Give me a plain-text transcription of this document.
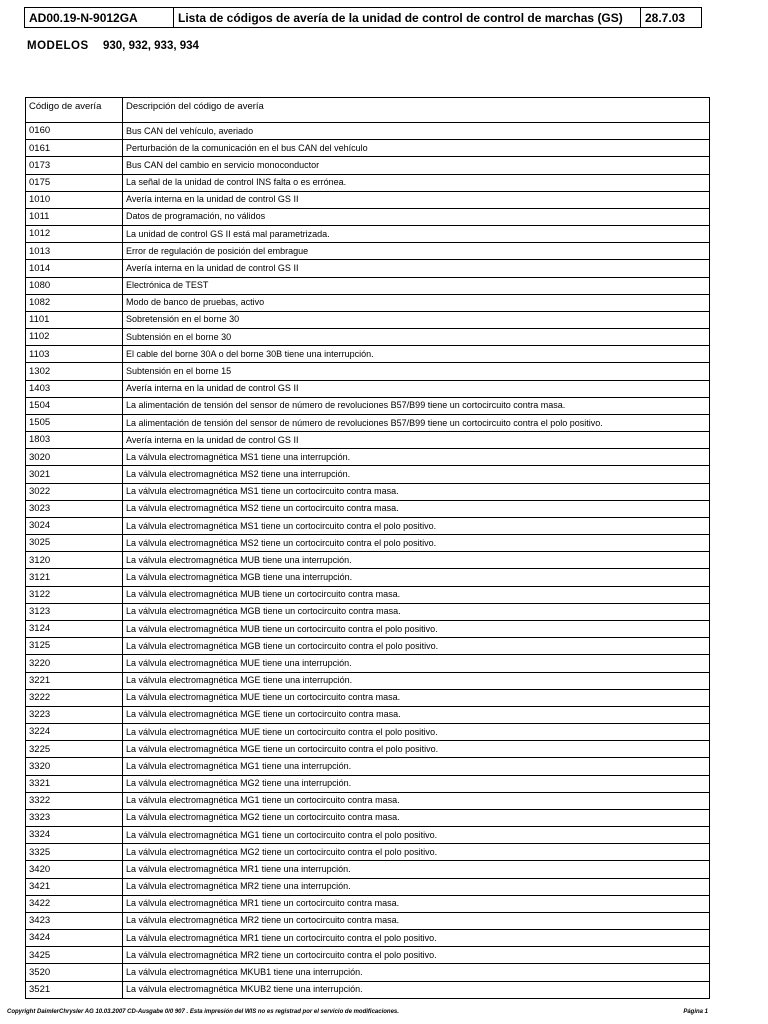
AD00.19-N-9012GA	Lista de códigos de avería de la unidad de control de control de marchas (GS)	28.7.03
MODELOS 930, 932, 933, 934
Código de avería	Descripción del código de avería
0160	Bus CAN del vehículo, averiado
0161	Perturbación de la comunicación en el bus CAN del vehículo
0173	Bus CAN del cambio en servicio monoconductor
0175	La señal de la unidad de control INS falta o es errónea.
1010	Avería interna en la unidad de control GS II
1011	Datos de programación, no válidos
1012	La unidad de control GS II está mal parametrizada.
1013	Error de regulación de posición del embrague
1014	Avería interna en la unidad de control GS II
1080	Electrónica de TEST
1082	Modo de banco de pruebas, activo
1101	Sobretensión en el borne 30
1102	Subtensión en el borne 30
1103	El cable del borne 30A o del borne 30B tiene una interrupción.
1302	Subtensión en el borne 15
1403	Avería interna en la unidad de control GS II
1504	La alimentación de tensión del sensor de número de revoluciones B57/B99 tiene un cortocircuito contra masa.
1505	La alimentación de tensión del sensor de número de revoluciones B57/B99 tiene un cortocircuito contra el polo positivo.
1803	Avería interna en la unidad de control GS II
3020	La válvula electromagnética MS1 tiene una interrupción.
3021	La válvula electromagnética MS2 tiene una interrupción.
3022	La válvula electromagnética MS1 tiene un cortocircuito contra masa.
3023	La válvula electromagnética MS2 tiene un cortocircuito contra masa.
3024	La válvula electromagnética MS1 tiene un cortocircuito contra el polo positivo.
3025	La válvula electromagnética MS2 tiene un cortocircuito contra el polo positivo.
3120	La válvula electromagnética MUB tiene una interrupción.
3121	La válvula electromagnética MGB tiene una interrupción.
3122	La válvula electromagnética MUB tiene un cortocircuito contra masa.
3123	La válvula electromagnética MGB tiene un cortocircuito contra masa.
3124	La válvula electromagnética MUB tiene un cortocircuito contra el polo positivo.
3125	La válvula electromagnética MGB tiene un cortocircuito contra el polo positivo.
3220	La válvula electromagnética MUE tiene una interrupción.
3221	La válvula electromagnética MGE tiene una interrupción.
3222	La válvula electromagnética MUE tiene un cortocircuito contra masa.
3223	La válvula electromagnética MGE tiene un cortocircuito contra masa.
3224	La válvula electromagnética MUE tiene un cortocircuito contra el polo positivo.
3225	La válvula electromagnética MGE tiene un cortocircuito contra el polo positivo.
3320	La válvula electromagnética MG1 tiene una interrupción.
3321	La válvula electromagnética MG2 tiene una interrupción.
3322	La válvula electromagnética MG1 tiene un cortocircuito contra masa.
3323	La válvula electromagnética MG2 tiene un cortocircuito contra masa.
3324	La válvula electromagnética MG1 tiene un cortocircuito contra el polo positivo.
3325	La válvula electromagnética MG2 tiene un cortocircuito contra el polo positivo.
3420	La válvula electromagnética MR1 tiene una interrupción.
3421	La válvula electromagnética MR2 tiene una interrupción.
3422	La válvula electromagnética MR1 tiene un cortocircuito contra masa.
3423	La válvula electromagnética MR2 tiene un cortocircuito contra masa.
3424	La válvula electromagnética MR1 tiene un cortocircuito contra el polo positivo.
3425	La válvula electromagnética MR2 tiene un cortocircuito contra el polo positivo.
3520	La válvula electromagnética MKUB1 tiene una interrupción.
3521	La válvula electromagnética MKUB2 tiene una interrupción.
Copyright DaimlerChrysler AG 10.03.2007 CD-Ausgabe 0/0 907 . Esta impresión del WIS no es registrad por el servicio de modificaciones.	Página 1
